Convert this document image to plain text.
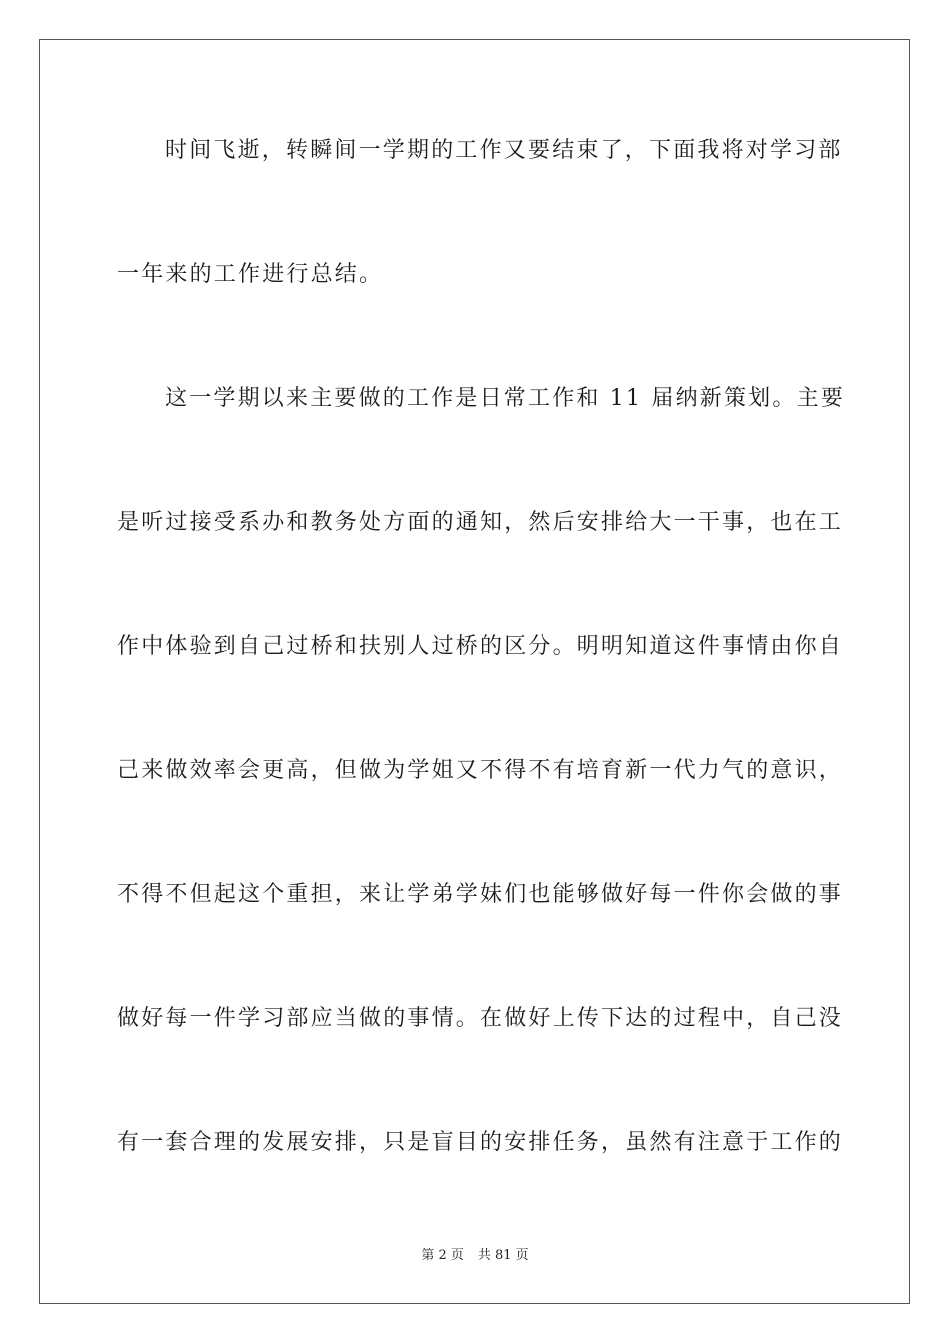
时间飞逝，转瞬间一学期的工作又要结束了，下面我将对学习部
一年来的工作进行总结。
这一学期以来主要做的工作是日常工作和 11 届纳新策划。主要
是听过接受系办和教务处方面的通知，然后安排给大一干事，也在工
作中体验到自己过桥和扶别人过桥的区分。明明知道这件事情由你自
己来做效率会更高，但做为学姐又不得不有培育新一代力气的意识，
不得不但起这个重担，来让学弟学妹们也能够做好每一件你会做的事
做好每一件学习部应当做的事情。在做好上传下达的过程中，自己没
有一套合理的发展安排，只是盲目的安排任务，虽然有注意于工作的
第 2 页 共 81 页
